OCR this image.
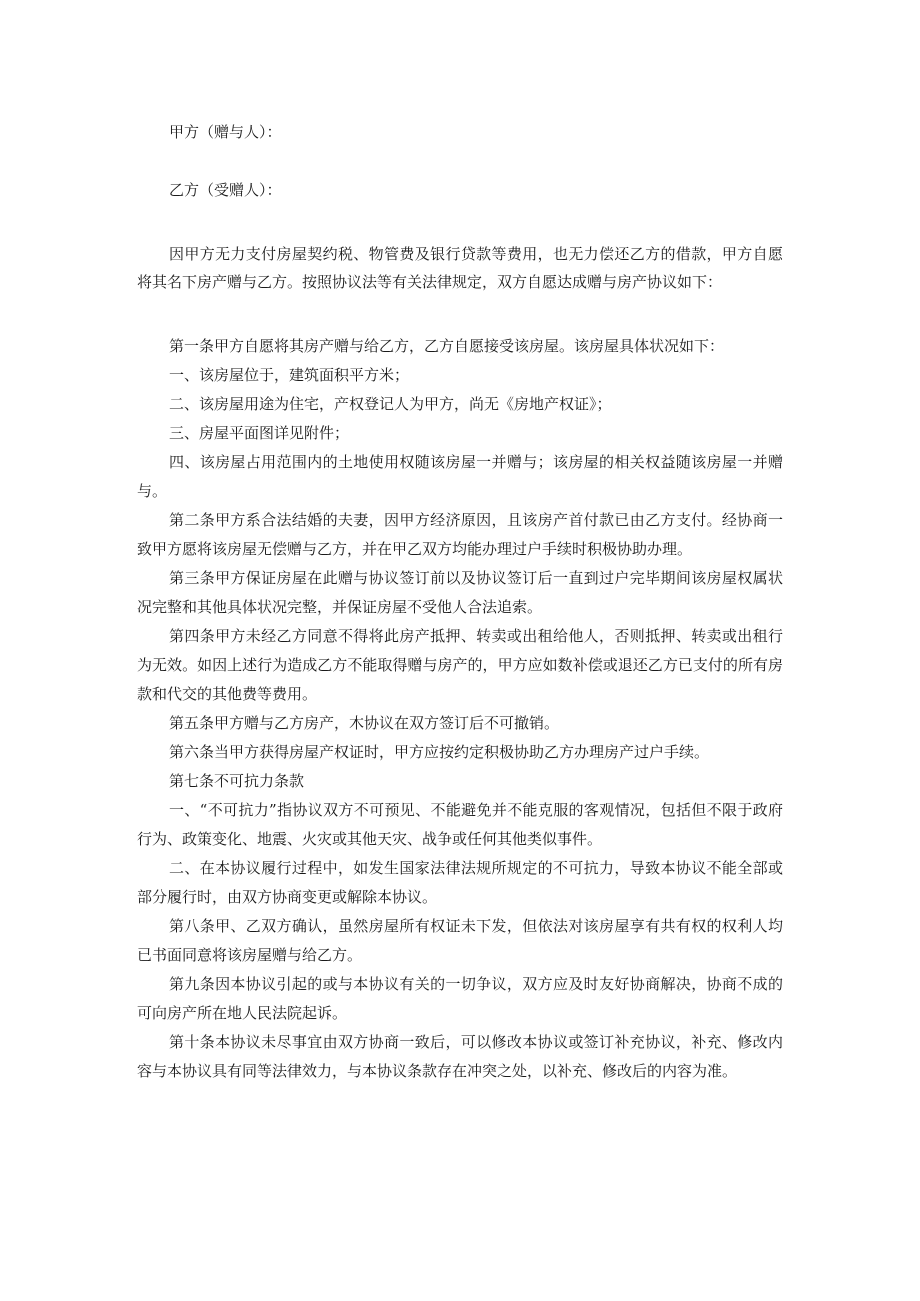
甲方（赠与人）：

乙方（受赠人）：

因甲方无力支付房屋契约税、物管费及银行贷款等费用，也无力偿还乙方的借款，甲方自愿将其名下房产赠与乙方。按照协议法等有关法律规定，双方自愿达成赠与房产协议如下：

第一条甲方自愿将其房产赠与给乙方，乙方自愿接受该房屋。该房屋具体状况如下：

一、该房屋位于，建筑面积平方米；

二、该房屋用途为住宅，产权登记人为甲方，尚无《房地产权证》；

三、房屋平面图详见附件；

四、该房屋占用范围内的土地使用权随该房屋一并赠与；该房屋的相关权益随该房屋一并赠与。

第二条甲方系合法结婚的夫妻，因甲方经济原因，且该房产首付款已由乙方支付。经协商一致甲方愿将该房屋无偿赠与乙方，并在甲乙双方均能办理过户手续时积极协助办理。

第三条甲方保证房屋在此赠与协议签订前以及协议签订后一直到过户完毕期间该房屋权属状况完整和其他具体状况完整，并保证房屋不受他人合法追索。

第四条甲方未经乙方同意不得将此房产抵押、转卖或出租给他人，否则抵押、转卖或出租行为无效。如因上述行为造成乙方不能取得赠与房产的，甲方应如数补偿或退还乙方已支付的所有房款和代交的其他费等费用。

第五条甲方赠与乙方房产，木协议在双方签订后不可撤销。

第六条当甲方获得房屋产权证时，甲方应按约定积极协助乙方办理房产过户手续。

第七条不可抗力条款

一、“不可抗力”指协议双方不可预见、不能避免并不能克服的客观情况，包括但不限于政府行为、政策变化、地震、火灾或其他天灾、战争或任何其他类似事件。

二、在本协议履行过程中，如发生国家法律法规所规定的不可抗力，导致本协议不能全部或部分履行时，由双方协商变更或解除本协议。

第八条甲、乙双方确认，虽然房屋所有权证未下发，但依法对该房屋享有共有权的权利人均已书面同意将该房屋赠与给乙方。

第九条因本协议引起的或与本协议有关的一切争议，双方应及时友好协商解决，协商不成的可向房产所在地人民法院起诉。

第十条本协议未尽事宜由双方协商一致后，可以修改本协议或签订补充协议，补充、修改内容与本协议具有同等法律效力，与本协议条款存在冲突之处，以补充、修改后的内容为准。
